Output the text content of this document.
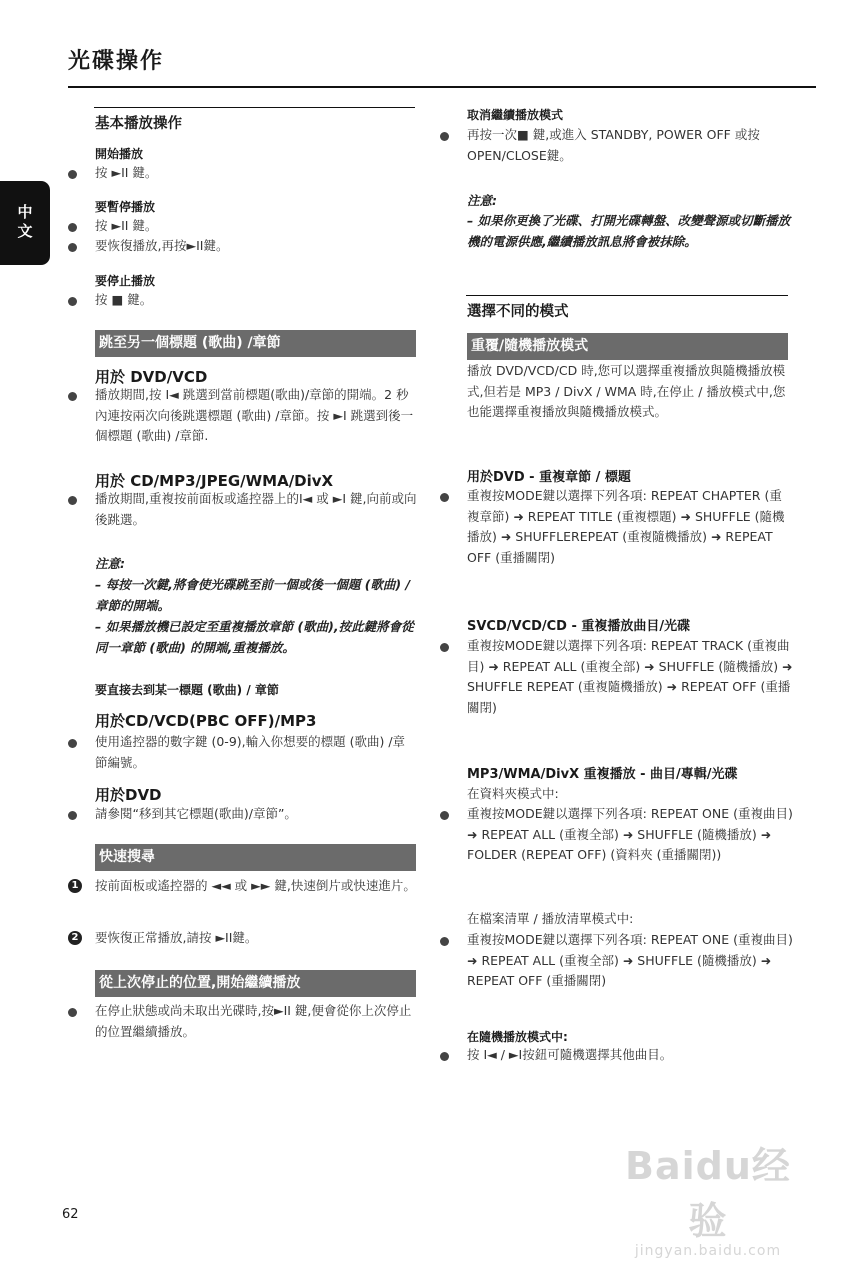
光碟操作
中文
基本播放操作
開始播放
按 ►II 鍵。
要暫停播放
按 ►II 鍵。
要恢復播放,再按►II鍵。
要停止播放
按 ■ 鍵。
跳至另一個標題 (歌曲) /章節
用於 DVD/VCD
播放期間,按 I◄ 跳選到當前標題(歌曲)/章節的開端。2 秒內連按兩次向後跳選標題 (歌曲) /章節。按 ►I 跳選到後一個標題 (歌曲) /章節.
用於 CD/MP3/JPEG/WMA/DivX
播放期間,重複按前面板或遙控器上的I◄ 或 ►I 鍵,向前或向後跳選。
注意:
– 每按一次鍵,將會使光碟跳至前一個或後一個題 (歌曲) /章節的開端。
– 如果播放機已設定至重複播放章節 (歌曲),按此鍵將會從同一章節 (歌曲) 的開端,重複播放。
要直接去到某一標題 (歌曲) / 章節
用於CD/VCD(PBC OFF)/MP3
使用遙控器的數字鍵 (0-9),輸入你想要的標題 (歌曲) /章節編號。
用於DVD
請參閱“移到其它標題(歌曲)/章節”。
快速搜尋
1 按前面板或遙控器的 ◄◄ 或 ►► 鍵,快速倒片或快速進片。
2 要恢復正常播放,請按 ►II鍵。
從上次停止的位置,開始繼續播放
在停止狀態或尚未取出光碟時,按►II 鍵,便會從你上次停止的位置繼續播放。
取消繼續播放模式
再按一次■ 鍵,或進入 STANDBY, POWER OFF 或按 OPEN/CLOSE鍵。
注意:
– 如果你更換了光碟、打開光碟轉盤、改變聲源或切斷播放機的電源供應,繼續播放訊息將會被抹除。
選擇不同的模式
重覆/隨機播放模式
播放 DVD/VCD/CD 時,您可以選擇重複播放與隨機播放模式,但若是 MP3 / DivX / WMA 時,在停止 / 播放模式中,您也能選擇重複播放與隨機播放模式。
用於DVD - 重複章節 / 標題
重複按MODE鍵以選擇下列各項: REPEAT CHAPTER (重複章節) ➜ REPEAT TITLE (重複標題) ➜ SHUFFLE (隨機播放) ➜ SHUFFLEREPEAT (重複隨機播放) ➜ REPEAT OFF (重播關閉)
SVCD/VCD/CD - 重複播放曲目/光碟
重複按MODE鍵以選擇下列各項: REPEAT TRACK (重複曲目) ➜ REPEAT ALL (重複全部) ➜ SHUFFLE (隨機播放) ➜ SHUFFLE REPEAT (重複隨機播放) ➜ REPEAT OFF (重播關閉)
MP3/WMA/DivX 重複播放 - 曲目/專輯/光碟
在資料夾模式中:
重複按MODE鍵以選擇下列各項: REPEAT ONE (重複曲目) ➜ REPEAT ALL (重複全部) ➜ SHUFFLE (隨機播放) ➜ FOLDER (REPEAT OFF) (資料夾 (重播關閉))
在檔案清單 / 播放清單模式中:
重複按MODE鍵以選擇下列各項: REPEAT ONE (重複曲目) ➜ REPEAT ALL (重複全部) ➜ SHUFFLE (隨機播放) ➜ REPEAT OFF (重播關閉)
在隨機播放模式中:
按 I◄ / ►I按鈕可隨機選擇其他曲目。
Baidu经验
jingyan.baidu.com
62
